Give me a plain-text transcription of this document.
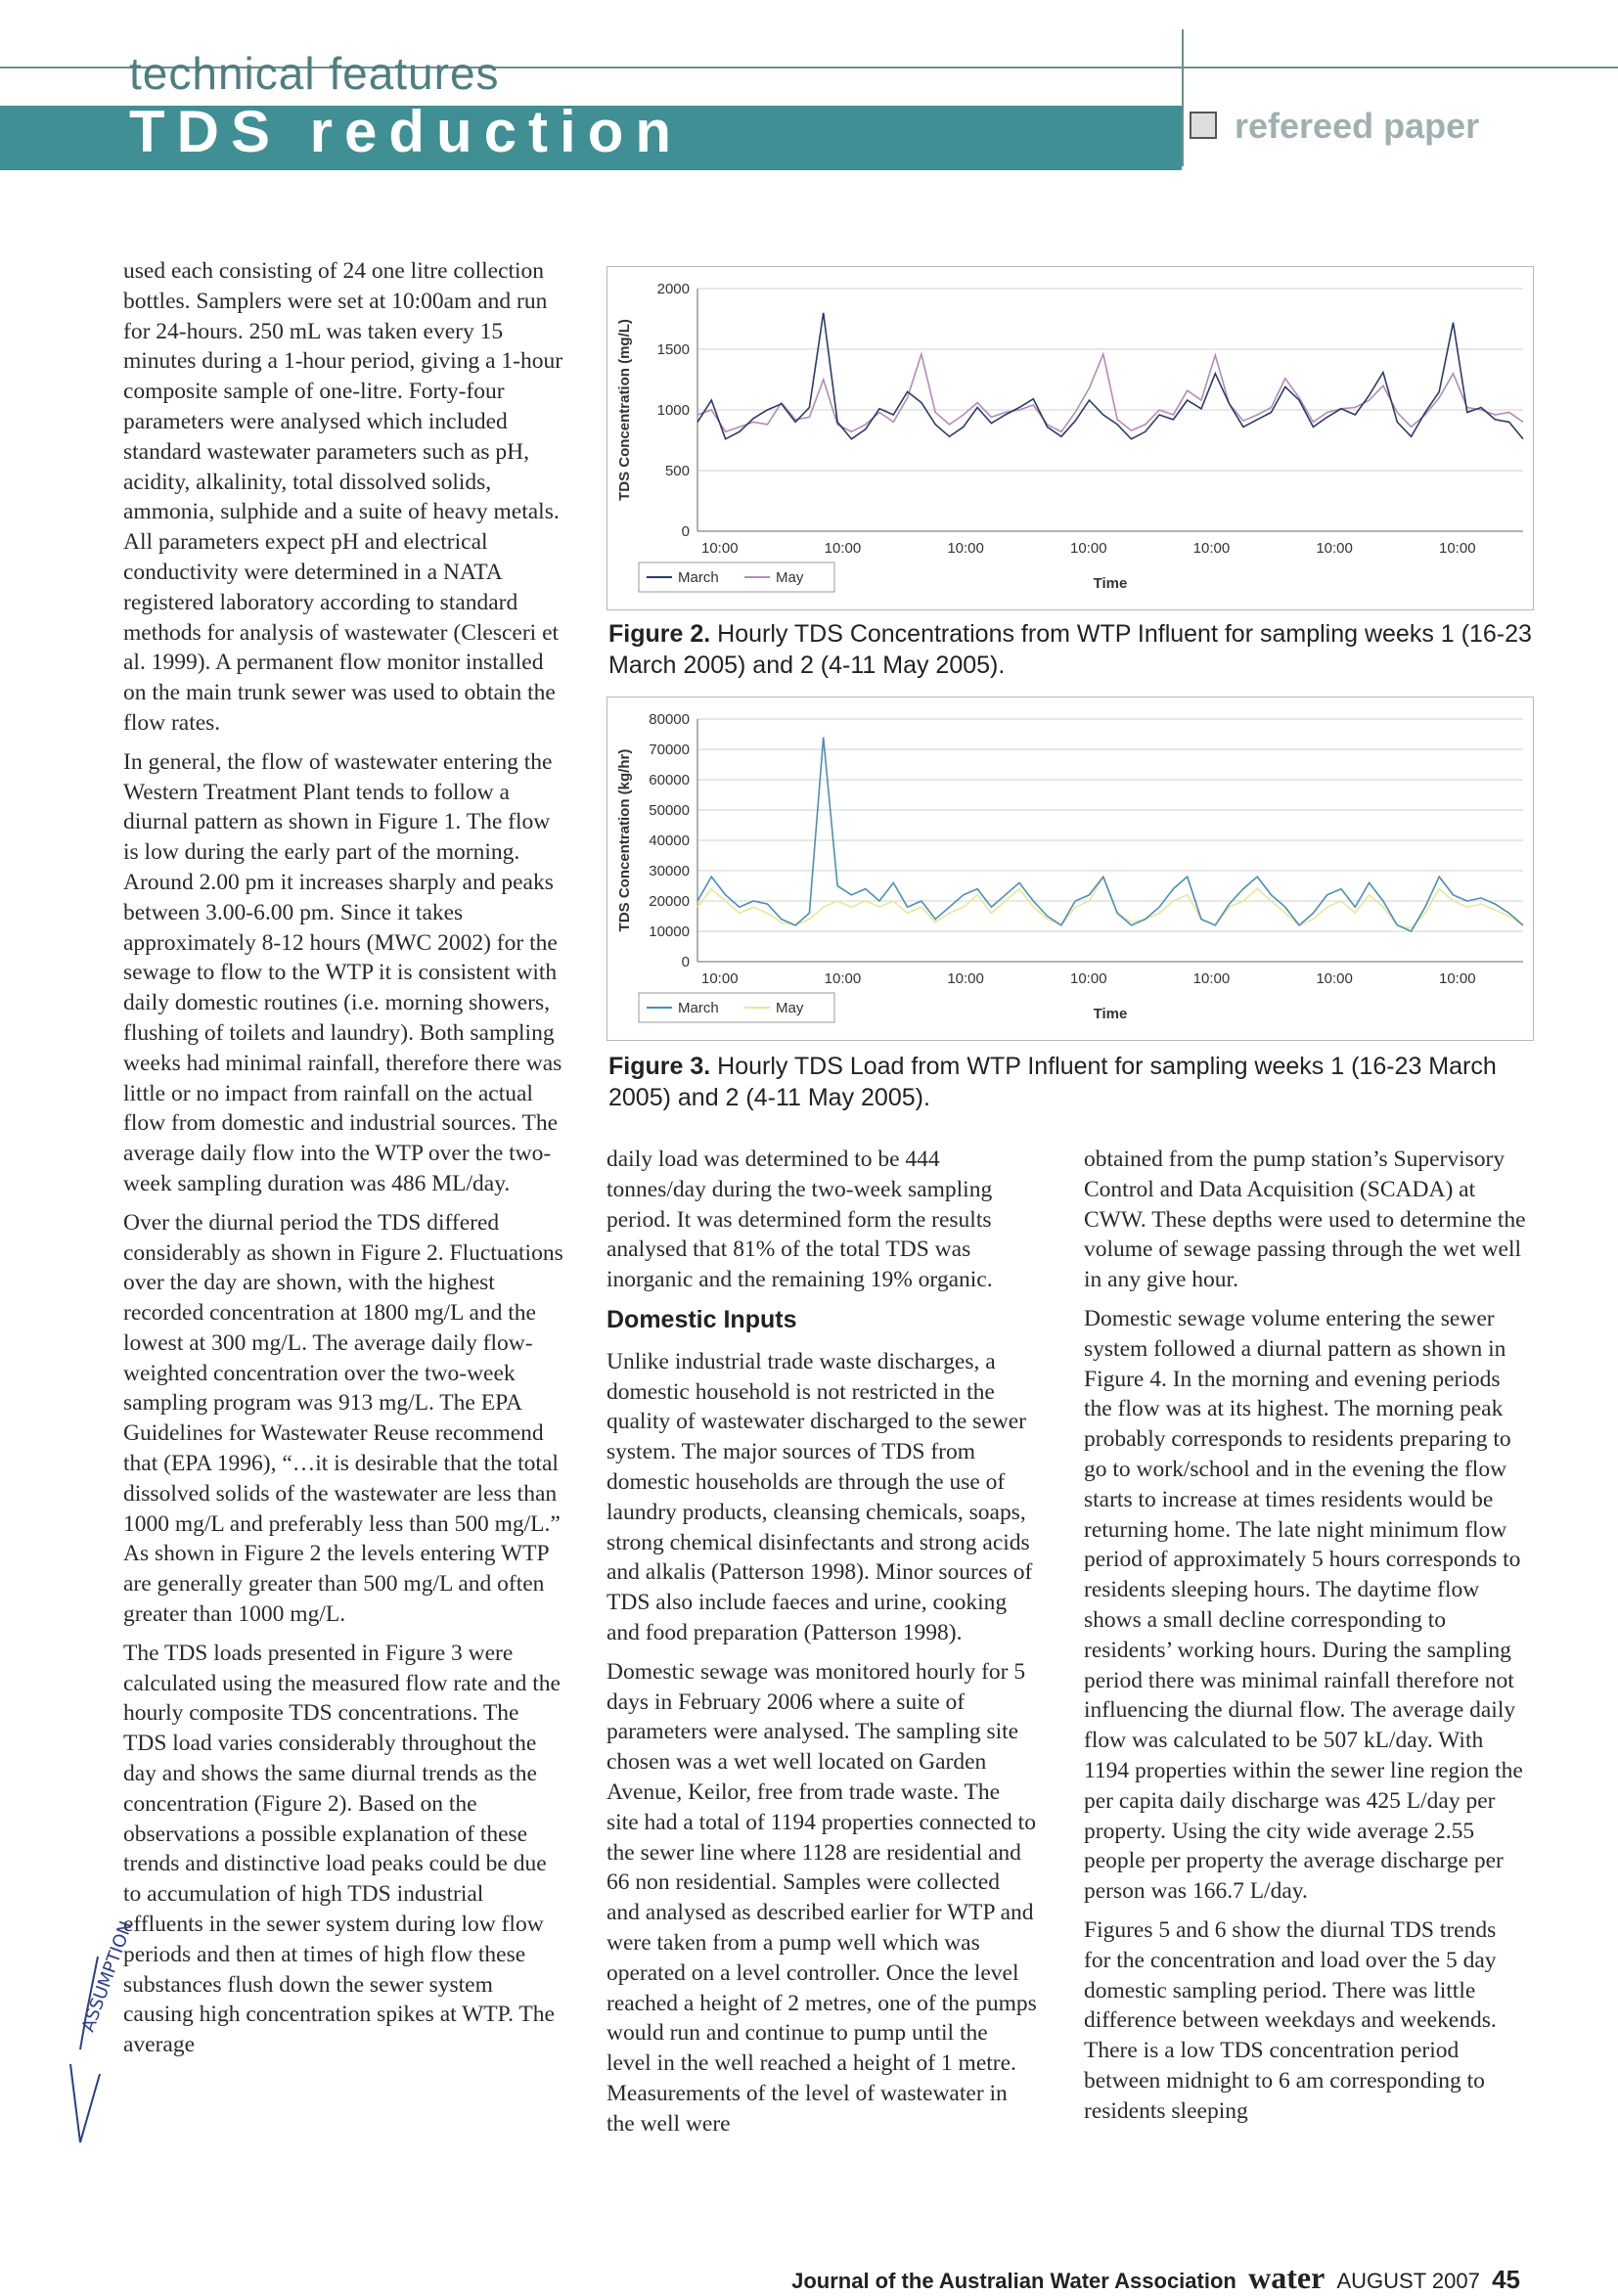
technical features
TDS reduction	refereed paper

used each consisting of 24 one litre collection bottles. Samplers were set at 10:00am and run for 24-hours. 250 mL was taken every 15 minutes during a 1-hour period, giving a 1-hour composite sample of one-litre. Forty-four parameters were analysed which included standard wastewater parameters such as pH, acidity, alkalinity, total dissolved solids, ammonia, sulphide and a suite of heavy metals. All parameters expect pH and electrical conductivity were determined in a NATA registered laboratory according to standard methods for analysis of wastewater (Clesceri et al. 1999). A permanent flow monitor installed on the main trunk sewer was used to obtain the flow rates.

In general, the flow of wastewater entering the Western Treatment Plant tends to follow a diurnal pattern as shown in Figure 1. The flow is low during the early part of the morning. Around 2.00 pm it increases sharply and peaks between 3.00-6.00 pm. Since it takes approximately 8-12 hours (MWC 2002) for the sewage to flow to the WTP it is consistent with daily domestic routines (i.e. morning showers, flushing of toilets and laundry). Both sampling weeks had minimal rainfall, therefore there was little or no impact from rainfall on the actual flow from domestic and industrial sources. The average daily flow into the WTP over the two-week sampling duration was 486 ML/day.

Over the diurnal period the TDS differed considerably as shown in Figure 2. Fluctuations over the day are shown, with the highest recorded concentration at 1800 mg/L and the lowest at 300 mg/L. The average daily flow-weighted concentration over the two-week sampling program was 913 mg/L. The EPA Guidelines for Wastewater Reuse recommend that (EPA 1996), “…it is desirable that the total dissolved solids of the wastewater are less than 1000 mg/L and preferably less than 500 mg/L.” As shown in Figure 2 the levels entering WTP are generally greater than 500 mg/L and often greater than 1000 mg/L.

The TDS loads presented in Figure 3 were calculated using the measured flow rate and the hourly composite TDS concentrations. The TDS load varies considerably throughout the day and shows the same diurnal trends as the concentration (Figure 2). Based on the observations a possible explanation of these trends and distinctive load peaks could be due to accumulation of high TDS industrial effluents in the sewer system during low flow periods and then at times of high flow these substances flush down the sewer system causing high concentration spikes at WTP. The average

ASSUMPTION
TDS Concentration (mg/L)
2000
1500
1000
500
0
10:00	10:00	10:00	10:00	10:00	10:00	10:00
Time
March	May
Figure 2. Hourly TDS Concentrations from WTP Influent for sampling weeks 1 (16-23 March 2005) and 2 (4-11 May 2005).
TDS Concentration (kg/hr)
80000
70000
60000
50000
40000
30000
20000
10000
0
10:00	10:00	10:00	10:00	10:00	10:00	10:00
Time
March	May
Figure 3. Hourly TDS Load from WTP Influent for sampling weeks 1 (16-23 March 2005) and 2 (4-11 May 2005).

daily load was determined to be 444 tonnes/day during the two-week sampling period. It was determined form the results analysed that 81% of the total TDS was inorganic and the remaining 19% organic.

Domestic Inputs

Unlike industrial trade waste discharges, a domestic household is not restricted in the quality of wastewater discharged to the sewer system. The major sources of TDS from domestic households are through the use of laundry products, cleansing chemicals, soaps, strong chemical disinfectants and strong acids and alkalis (Patterson 1998). Minor sources of TDS also include faeces and urine, cooking and food preparation (Patterson 1998).

Domestic sewage was monitored hourly for 5 days in February 2006 where a suite of parameters were analysed. The sampling site chosen was a wet well located on Garden Avenue, Keilor, free from trade waste. The site had a total of 1194 properties connected to the sewer line where 1128 are residential and 66 non residential. Samples were collected and analysed as described earlier for WTP and were taken from a pump well which was operated on a level controller. Once the level reached a height of 2 metres, one of the pumps would run and continue to pump until the level in the well reached a height of 1 metre. Measurements of the level of wastewater in the well were

obtained from the pump station’s Supervisory Control and Data Acquisition (SCADA) at CWW. These depths were used to determine the volume of sewage passing through the wet well in any give hour.

Domestic sewage volume entering the sewer system followed a diurnal pattern as shown in Figure 4. In the morning and evening periods the flow was at its highest. The morning peak probably corresponds to residents preparing to go to work/school and in the evening the flow starts to increase at times residents would be returning home. The late night minimum flow period of approximately 5 hours corresponds to residents sleeping hours. The daytime flow shows a small decline corresponding to residents’ working hours. During the sampling period there was minimal rainfall therefore not influencing the diurnal flow. The average daily flow was calculated to be 507 kL/day. With 1194 properties within the sewer line region the per capita daily discharge was 425 L/day per property. Using the city wide average 2.55 people per property the average discharge per person was 166.7 L/day.

Figures 5 and 6 show the diurnal TDS trends for the concentration and load over the 5 day domestic sampling period. There was little difference between weekdays and weekends. There is a low TDS concentration period between midnight to 6 am corresponding to residents sleeping

Journal of the Australian Water Association water AUGUST 2007 45
